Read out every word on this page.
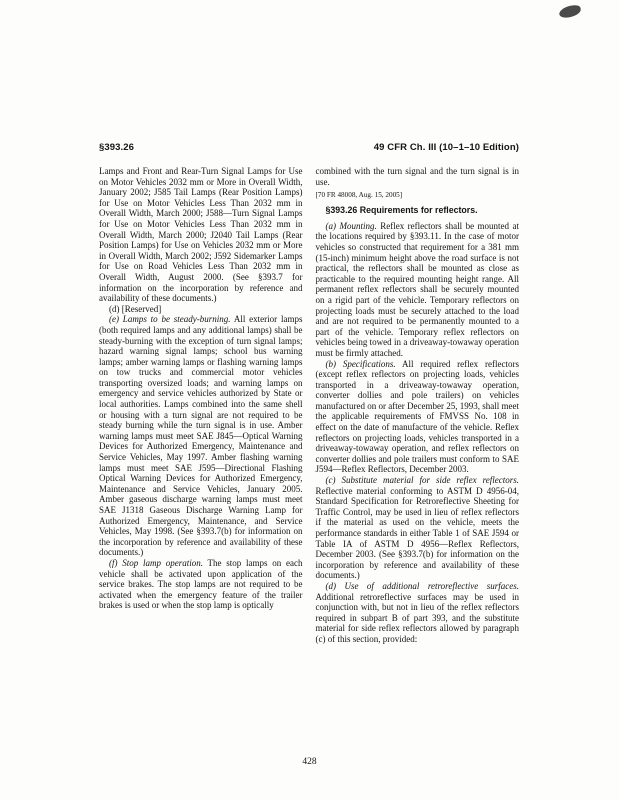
§393.26	49 CFR Ch. III (10–1–10 Edition)

Lamps and Front and Rear-Turn Signal Lamps for Use on Motor Vehicles 2032 mm or More in Overall Width, January 2002; J585 Tail Lamps (Rear Position Lamps) for Use on Motor Vehicles Less Than 2032 mm in Overall Width, March 2000; J588—Turn Signal Lamps for Use on Motor Vehicles Less Than 2032 mm in Overall Width, March 2000; J2040 Tail Lamps (Rear Position Lamps) for Use on Vehicles 2032 mm or More in Overall Width, March 2002; J592 Sidemarker Lamps for Use on Road Vehicles Less Than 2032 mm in Overall Width, August 2000. (See §393.7 for information on the incorporation by reference and availability of these documents.)

(d) [Reserved]

(e) Lamps to be steady-burning. All exterior lamps (both required lamps and any additional lamps) shall be steady-burning with the exception of turn signal lamps; hazard warning signal lamps; school bus warning lamps; amber warning lamps or flashing warning lamps on tow trucks and commercial motor vehicles transporting oversized loads; and warning lamps on emergency and service vehicles authorized by State or local authorities. Lamps combined into the same shell or housing with a turn signal are not required to be steady burning while the turn signal is in use. Amber warning lamps must meet SAE J845—Optical Warning Devices for Authorized Emergency, Maintenance and Service Vehicles, May 1997. Amber flashing warning lamps must meet SAE J595—Directional Flashing Optical Warning Devices for Authorized Emergency, Maintenance and Service Vehicles, January 2005. Amber gaseous discharge warning lamps must meet SAE J1318 Gaseous Discharge Warning Lamp for Authorized Emergency, Maintenance, and Service Vehicles, May 1998. (See §393.7(b) for information on the incorporation by reference and availability of these documents.)

(f) Stop lamp operation. The stop lamps on each vehicle shall be activated upon application of the service brakes. The stop lamps are not required to be activated when the emergency feature of the trailer brakes is used or when the stop lamp is optically

combined with the turn signal and the turn signal is in use.

[70 FR 48008, Aug. 15, 2005]

§393.26 Requirements for reflectors.

(a) Mounting. Reflex reflectors shall be mounted at the locations required by §393.11. In the case of motor vehicles so constructed that requirement for a 381 mm (15-inch) minimum height above the road surface is not practical, the reflectors shall be mounted as close as practicable to the required mounting height range. All permanent reflex reflectors shall be securely mounted on a rigid part of the vehicle. Temporary reflectors on projecting loads must be securely attached to the load and are not required to be permanently mounted to a part of the vehicle. Temporary reflex reflectors on vehicles being towed in a driveaway-towaway operation must be firmly attached.

(b) Specifications. All required reflex reflectors (except reflex reflectors on projecting loads, vehicles transported in a driveaway-towaway operation, converter dollies and pole trailers) on vehicles manufactured on or after December 25, 1993, shall meet the applicable requirements of FMVSS No. 108 in effect on the date of manufacture of the vehicle. Reflex reflectors on projecting loads, vehicles transported in a driveaway-towaway operation, and reflex reflectors on converter dollies and pole trailers must conform to SAE J594—Reflex Reflectors, December 2003.

(c) Substitute material for side reflex reflectors. Reflective material conforming to ASTM D 4956-04, Standard Specification for Retroreflective Sheeting for Traffic Control, may be used in lieu of reflex reflectors if the material as used on the vehicle, meets the performance standards in either Table 1 of SAE J594 or Table IA of ASTM D 4956—Reflex Reflectors, December 2003. (See §393.7(b) for information on the incorporation by reference and availability of these documents.)

(d) Use of additional retroreflective surfaces. Additional retroreflective surfaces may be used in conjunction with, but not in lieu of the reflex reflectors required in subpart B of part 393, and the substitute material for side reflex reflectors allowed by paragraph (c) of this section, provided:

428
